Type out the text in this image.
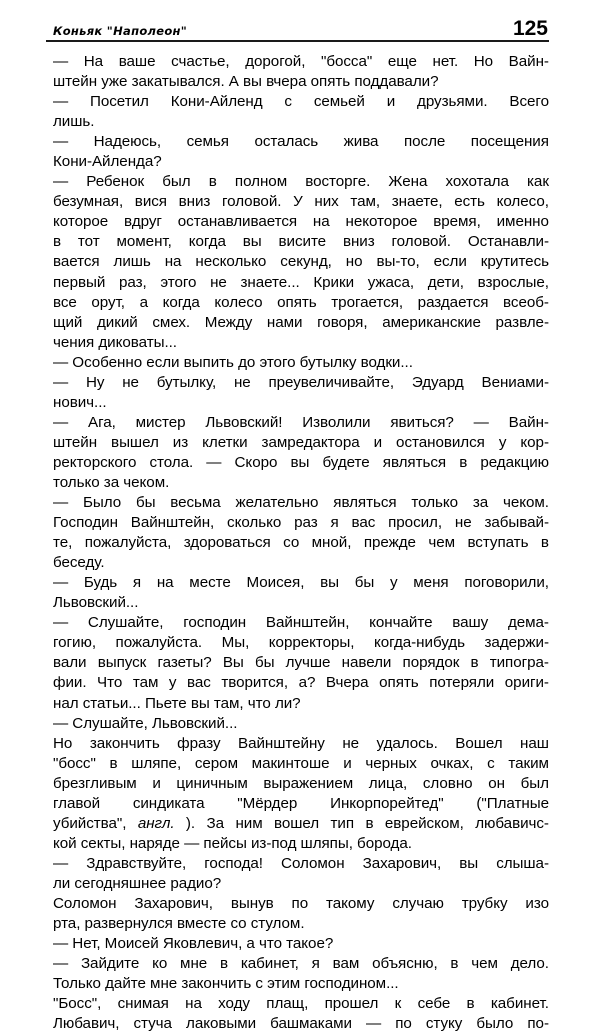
Коньяк "Наполеон"	125

— На ваше счастье, дорогой, "босса" еще нет. Но Вайн-
штейн уже закатывался. А вы вчера опять поддавали?

— Посетил Кони-Айленд с семьей и друзьями. Всего
лишь.

— Надеюсь, семья осталась жива после посещения
Кони-Айленда?

— Ребенок был в полном восторге. Жена хохотала как
безумная, вися вниз головой. У них там, знаете, есть колесо,
которое вдруг останавливается на некоторое время, именно
в тот момент, когда вы висите вниз головой. Останавли-
вается лишь на несколько секунд, но вы-то, если крутитесь
первый раз, этого не знаете... Крики ужаса, дети, взрослые,
все орут, а когда колесо опять трогается, раздается всеоб-
щий дикий смех. Между нами говоря, американские развле-
чения диковаты...

— Особенно если выпить до этого бутылку водки...

— Ну не бутылку, не преувеличивайте, Эдуард Вениами-
нович...

— Ага, мистер Львовский! Изволили явиться? — Вайн-
штейн вышел из клетки замредактора и остановился у кор-
ректорского стола. — Скоро вы будете являться в редакцию
только за чеком.

— Было бы весьма желательно являться только за чеком.
Господин Вайнштейн, сколько раз я вас просил, не забывай-
те, пожалуйста, здороваться со мной, прежде чем вступать в
беседу.

— Будь я на месте Моисея, вы бы у меня поговорили,
Львовский...

— Слушайте, господин Вайнштейн, кончайте вашу дема-
гогию, пожалуйста. Мы, корректоры, когда-нибудь задержи-
вали выпуск газеты? Вы бы лучше навели порядок в типогра-
фии. Что там у вас творится, а? Вчера опять потеряли ориги-
нал статьи... Пьете вы там, что ли?

— Слушайте, Львовский...

Но закончить фразу Вайнштейну не удалось. Вошел наш
"босс" в шляпе, сером макинтоше и черных очках, с таким
брезгливым и циничным выражением лица, словно он был
главой синдиката "Мёрдер Инкорпорейтед" ("Платные
убийства", англ. ). За ним вошел тип в еврейском, любавичс-
кой секты, наряде — пейсы из-под шляпы, борода.

— Здравствуйте, господа! Соломон Захарович, вы слыша-
ли сегодняшнее радио?

Соломон Захарович, вынув по такому случаю трубку изо
рта, развернулся вместе со стулом.

— Нет, Моисей Яковлевич, а что такое?

— Зайдите ко мне в кабинет, я вам объясню, в чем дело.
Только дайте мне закончить с этим господином...

"Босс", снимая на ходу плащ, прошел к себе в кабинет.
Любавич, стуча лаковыми башмаками — по стуку было по-
